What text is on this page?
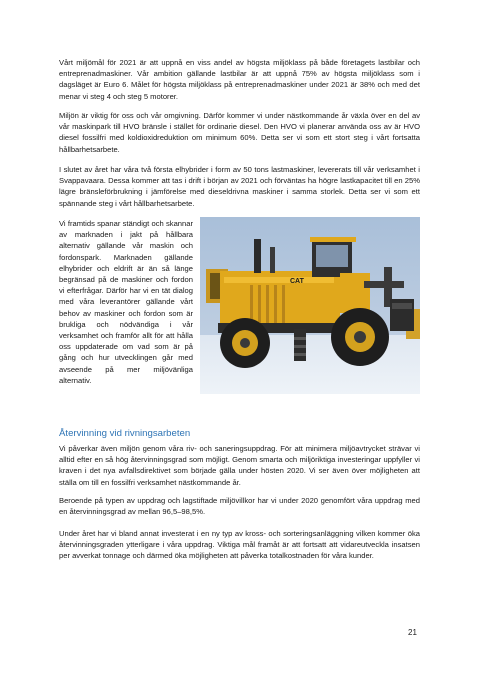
Vårt miljömål för 2021 är att uppnå en viss andel av högsta miljöklass på både företagets lastbilar och entreprenadmaskiner. Vår ambition gällande lastbilar är att uppnå 75% av högsta miljöklass som i dagsläget är Euro 6. Målet för högsta miljöklass på entreprenadmaskiner under 2021 är 38% och med det menar vi steg 4 och steg 5 motorer.

Miljön är viktig för oss och vår omgivning. Därför kommer vi under nästkommande år växla över en del av vår maskinpark till HVO bränsle i stället för ordinarie diesel. Den HVO vi planerar använda oss av är HVO diesel fossilfri med koldioxidreduktion om minimum 60%. Detta ser vi som ett stort steg i vårt fortsatta hållbarhetsarbete.

I slutet av året har våra två första elhybrider i form av 50 tons lastmaskiner, levererats till vår verksamhet i Svappavaara. Dessa kommer att tas i drift i början av 2021 och förväntas ha högre lastkapacitet till en 25% lägre bränsleförbrukning i jämförelse med dieseldrivna maskiner i samma storlek. Detta ser vi som ett spännande steg i vårt hållbarhetsarbete.

Vi framtids spanar ständigt och skannar av marknaden i jakt på hållbara alternativ gällande vår maskin och fordonspark. Marknaden gällande elhybrider och eldrift är än så länge begränsad på de maskiner och fordon vi efterfrågar. Därför har vi en tät dialog med våra leverantörer gällande vårt behov av maskiner och fordon som är brukliga och nödvändiga i vår verksamhet och framför allt för att hålla oss uppdaterade om vad som är på gång och hur utvecklingen går med avseende på mer miljövänliga alternativ.

CAT
Återvinning vid rivningsarbeten

Vi påverkar även miljön genom våra riv- och saneringsuppdrag. För att minimera miljöavtrycket strävar vi alltid efter en så hög återvinningsgrad som möjligt. Genom smarta och miljöriktiga investeringar uppfyller vi kraven i det nya avfallsdirektivet som började gälla under hösten 2020. Vi ser även över möjligheten att ställa om till en fossilfri verksamhet nästkommande år.

Beroende på typen av uppdrag och lagstiftade miljövillkor har vi under 2020 genomfört våra uppdrag med en återvinningsgrad av mellan 96,5–98,5%.

Under året har vi bland annat investerat i en ny typ av kross- och sorteringsanläggning vilken kommer öka återvinningsgraden ytterligare i våra uppdrag. Viktiga mål framåt är att fortsatt att vidareutveckla insatsen per avverkat tonnage och därmed öka möjligheten att påverka totalkostnaden för våra kunder.

21
